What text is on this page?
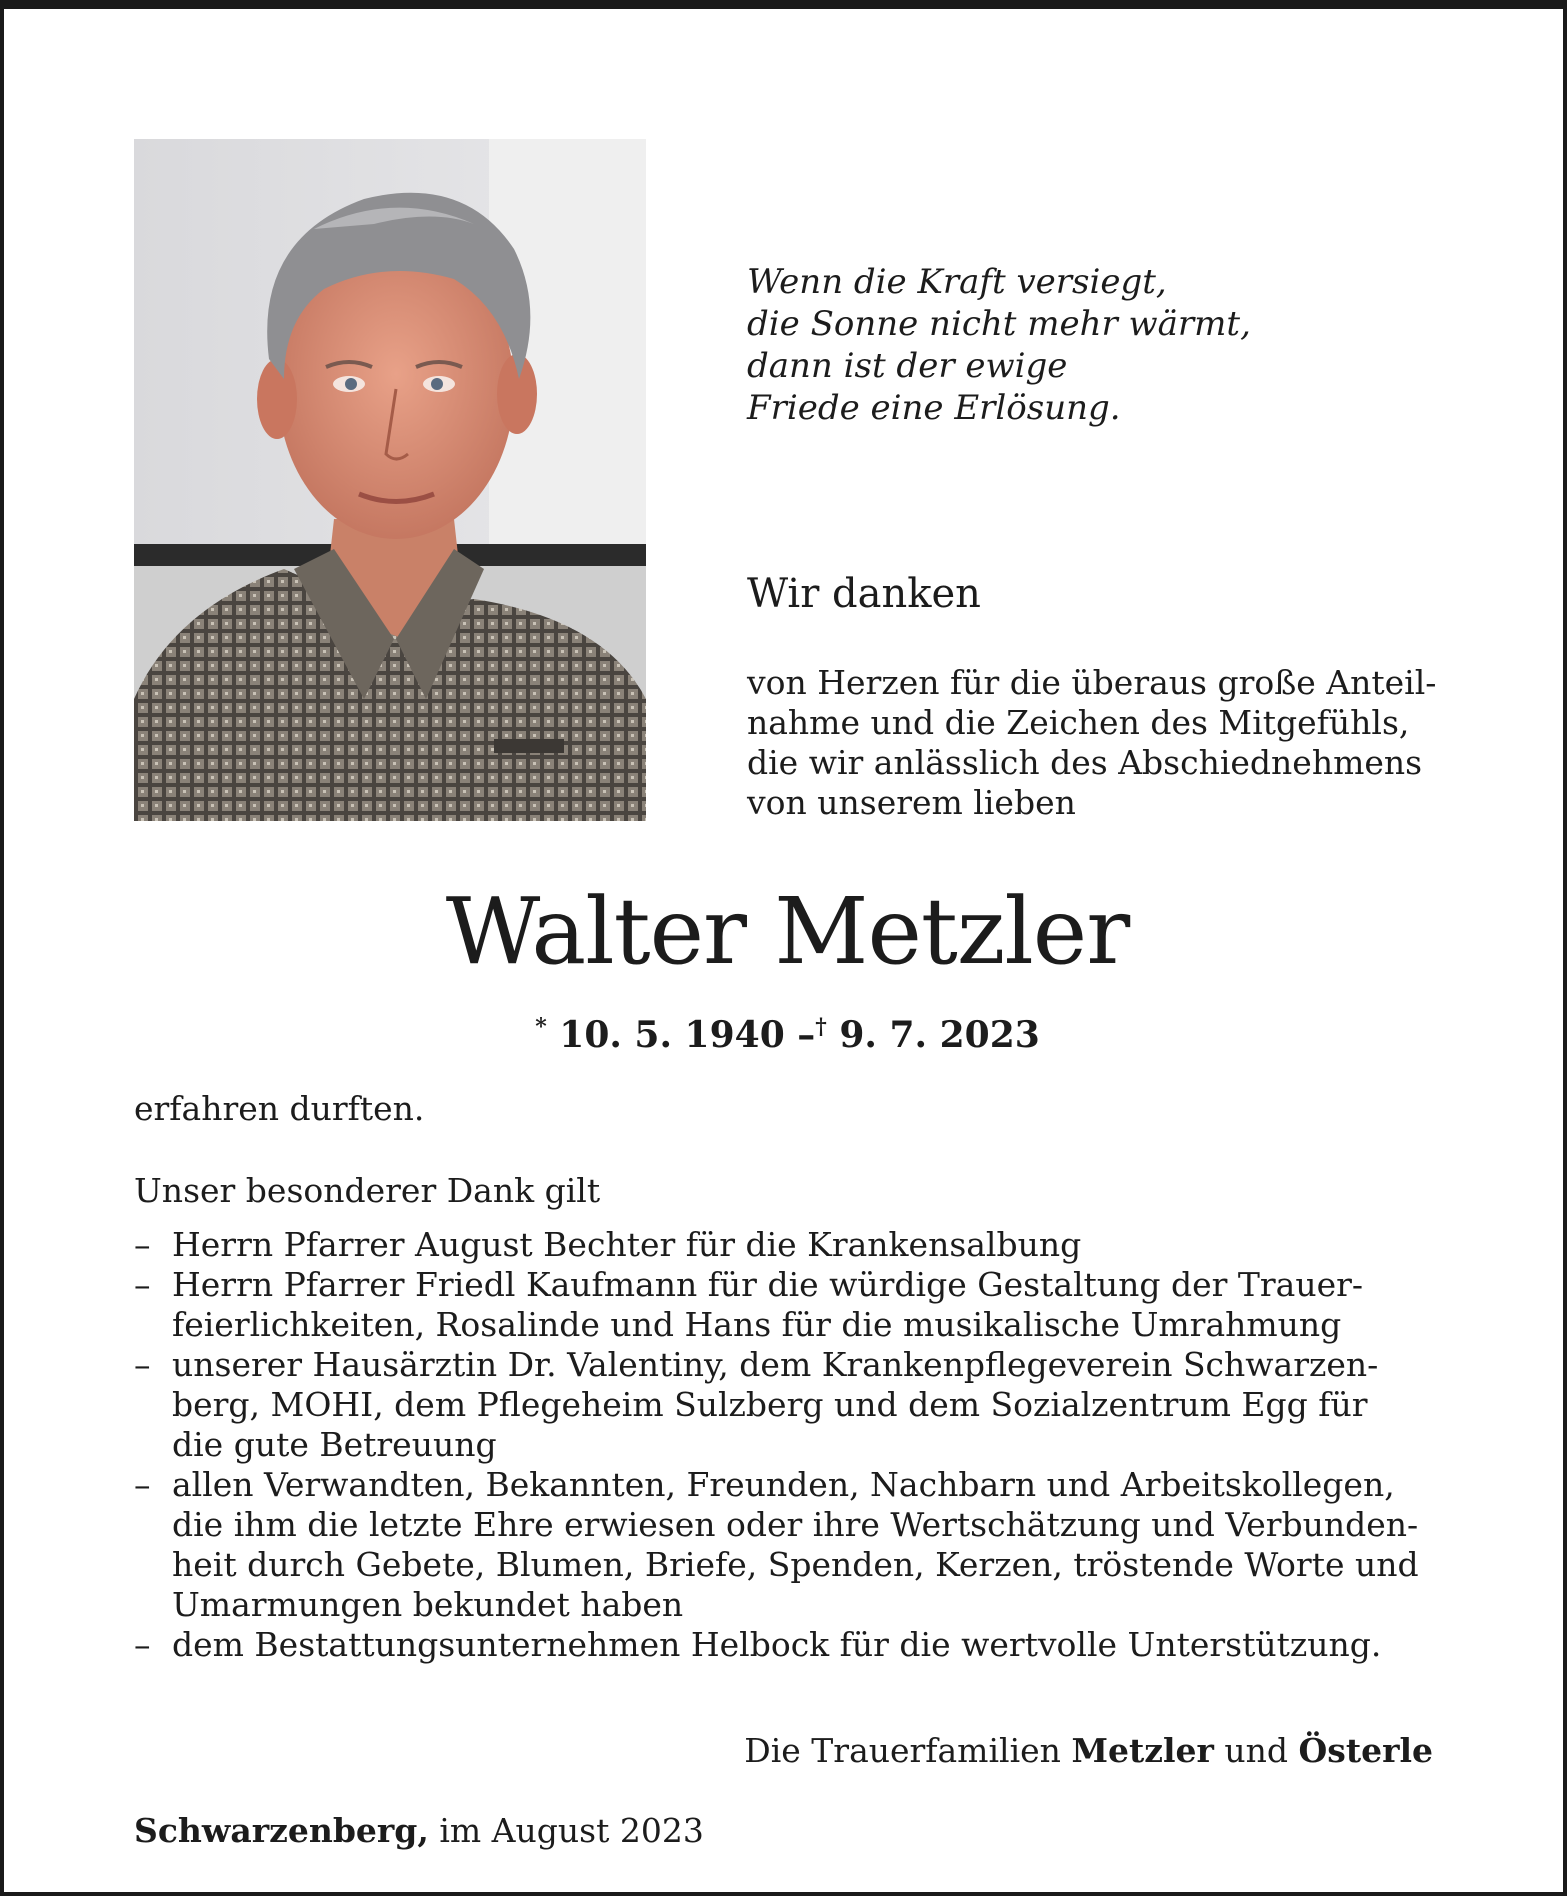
Wenn die Kraft versiegt,
die Sonne nicht mehr wärmt,
dann ist der ewige
Friede eine Erlösung.
Wir danken
von Herzen für die überaus große Anteil-
nahme und die Zeichen des Mitgefühls,
die wir anlässlich des Abschiednehmens
von unserem lieben
Walter Metzler
* 10. 5. 1940 –† 9. 7. 2023
erfahren durften.
Unser besonderer Dank gilt
– Herrn Pfarrer August Bechter für die Krankensalbung
– Herrn Pfarrer Friedl Kaufmann für die würdige Gestaltung der Trauer-
feierlichkeiten, Rosalinde und Hans für die musikalische Umrahmung
– unserer Hausärztin Dr. Valentiny, dem Krankenpflegeverein Schwarzen-
berg, MOHI, dem Pflegeheim Sulzberg und dem Sozialzentrum Egg für
die gute Betreuung
– allen Verwandten, Bekannten, Freunden, Nachbarn und Arbeitskollegen,
die ihm die letzte Ehre erwiesen oder ihre Wertschätzung und Verbunden-
heit durch Gebete, Blumen, Briefe, Spenden, Kerzen, tröstende Worte und
Umarmungen bekundet haben
– dem Bestattungsunternehmen Helbock für die wertvolle Unterstützung.
Die Trauerfamilien Metzler und Österle
Schwarzenberg, im August 2023
